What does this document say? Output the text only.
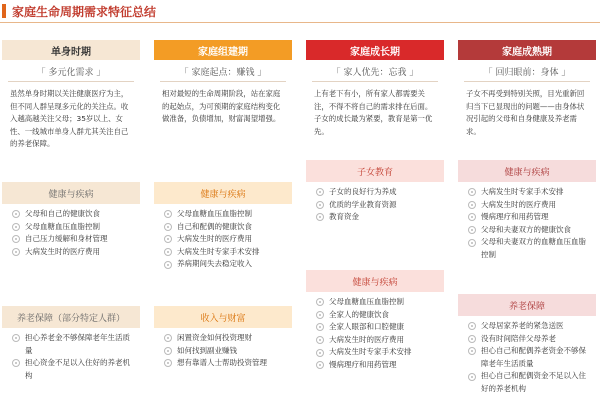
家庭生命周期需求特征总结
单身时期
「 多元化需求 」
虽然单身时期以关注健康医疗为主，但不同人群呈现多元化的关注点。收入越高越关注父母；35岁以上、女性、一线城市单身人群尤其关注自己的养老保障。
健康与疾病
父母和自己的健康饮食
父母血糖血压血脂控制
自己压力缓解和身材管理
大病发生时的医疗费用
养老保障（部分特定人群）
担心养老金不够保障老年生活质量
担心资金不足以入住好的养老机构
家庭组建期
「 家庭起点：赚钱 」
相对最短的生命周期阶段，站在家庭的起始点，为可预期的家庭结构变化做准备，负债增加，财富渴望增强。
健康与疾病
父母血糖血压血脂控制
自己和配偶的健康饮食
大病发生时的医疗费用
大病发生时专家手术安排
养病期间失去稳定收入
收入与财富
闲置资金如何投资理财
如何找到副业赚钱
想有靠谱人士帮助投资管理
家庭成长期
「 家人优先：忘我 」
上有老下有小，所有家人都需要关注，不得不将自己的需求排在后面。子女的成长最为紧要，教育是第一优先。
子女教育
子女的良好行为养成
优质的学业教育资源
教育资金
健康与疾病
父母血糖血压血脂控制
全家人的健康饮食
全家人眼部和口腔健康
大病发生时的医疗费用
大病发生时专家手术安排
慢病理疗和用药管理
家庭成熟期
「 回归眼前：身体 」
子女不再受到特别关照，目光重新回归当下已显现出的问题——由身体状况引起的父母和自身健康及养老需求。
健康与疾病
大病发生时专家手术安排
大病发生时的医疗费用
慢病理疗和用药管理
父母和夫妻双方的健康饮食
父母和夫妻双方的血糖血压血脂控制
养老保障
父母居家养老的紧急送医
没有时间陪伴父母养老
担心自己和配偶养老资金不够保障老年生活质量
担心自己和配偶资金不足以入住好的养老机构
